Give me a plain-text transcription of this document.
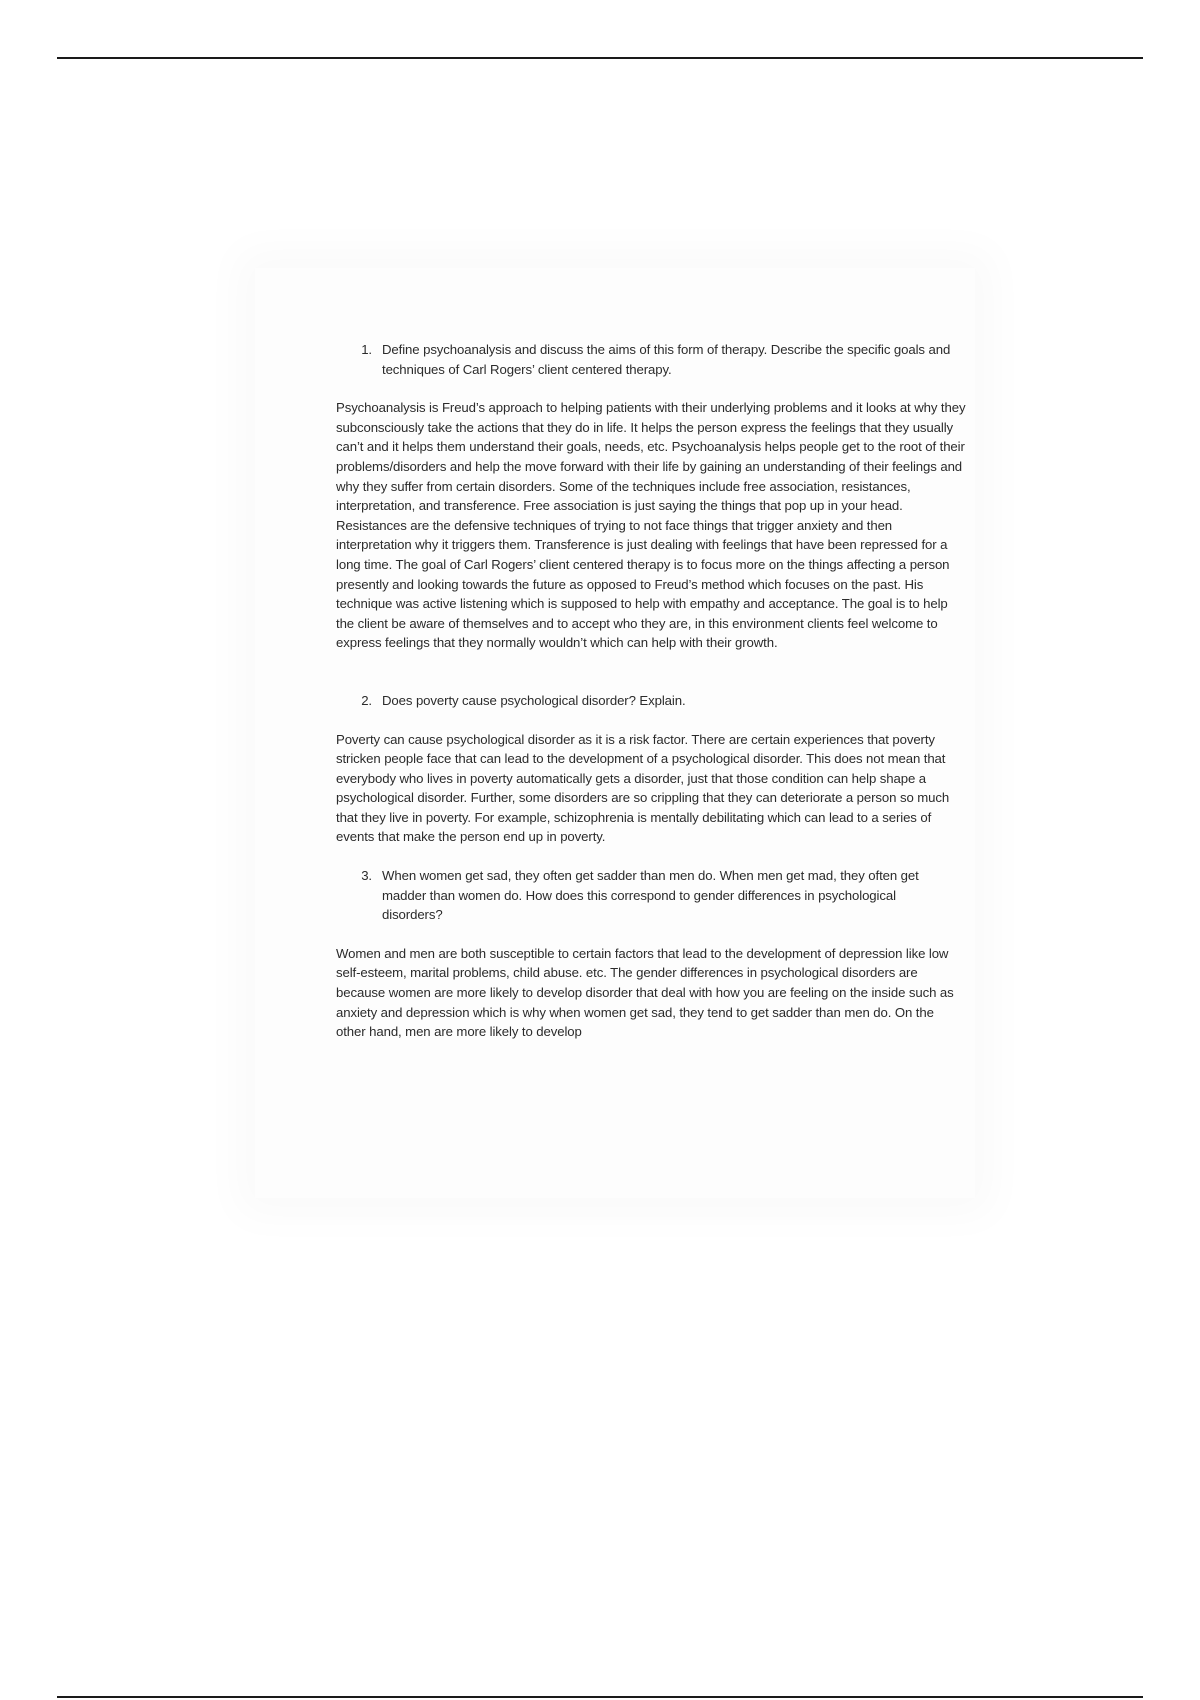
1. Define psychoanalysis and discuss the aims of this form of therapy. Describe the specific goals and techniques of Carl Rogers’ client centered therapy.

Psychoanalysis is Freud’s approach to helping patients with their underlying problems and it looks at why they subconsciously take the actions that they do in life. It helps the person express the feelings that they usually can’t and it helps them understand their goals, needs, etc. Psychoanalysis helps people get to the root of their problems/disorders and help the move forward with their life by gaining an understanding of their feelings and why they suffer from certain disorders. Some of the techniques include free association, resistances, interpretation, and transference. Free association is just saying the things that pop up in your head. Resistances are the defensive techniques of trying to not face things that trigger anxiety and then interpretation why it triggers them. Transference is just dealing with feelings that have been repressed for a long time. The goal of Carl Rogers’ client centered therapy is to focus more on the things affecting a person presently and looking towards the future as opposed to Freud’s method which focuses on the past. His technique was active listening which is supposed to help with empathy and acceptance. The goal is to help the client be aware of themselves and to accept who they are, in this environment clients feel welcome to express feelings that they normally wouldn’t which can help with their growth.

2. Does poverty cause psychological disorder? Explain.

Poverty can cause psychological disorder as it is a risk factor. There are certain experiences that poverty stricken people face that can lead to the development of a psychological disorder. This does not mean that everybody who lives in poverty automatically gets a disorder, just that those condition can help shape a psychological disorder. Further, some disorders are so crippling that they can deteriorate a person so much that they live in poverty. For example, schizophrenia is mentally debilitating which can lead to a series of events that make the person end up in poverty.

3. When women get sad, they often get sadder than men do. When men get mad, they often get madder than women do. How does this correspond to gender differences in psychological disorders?

Women and men are both susceptible to certain factors that lead to the development of depression like low self-esteem, marital problems, child abuse. etc. The gender differences in psychological disorders are because women are more likely to develop disorder that deal with how you are feeling on the inside such as anxiety and depression which is why when women get sad, they tend to get sadder than men do. On the other hand, men are more likely to develop
